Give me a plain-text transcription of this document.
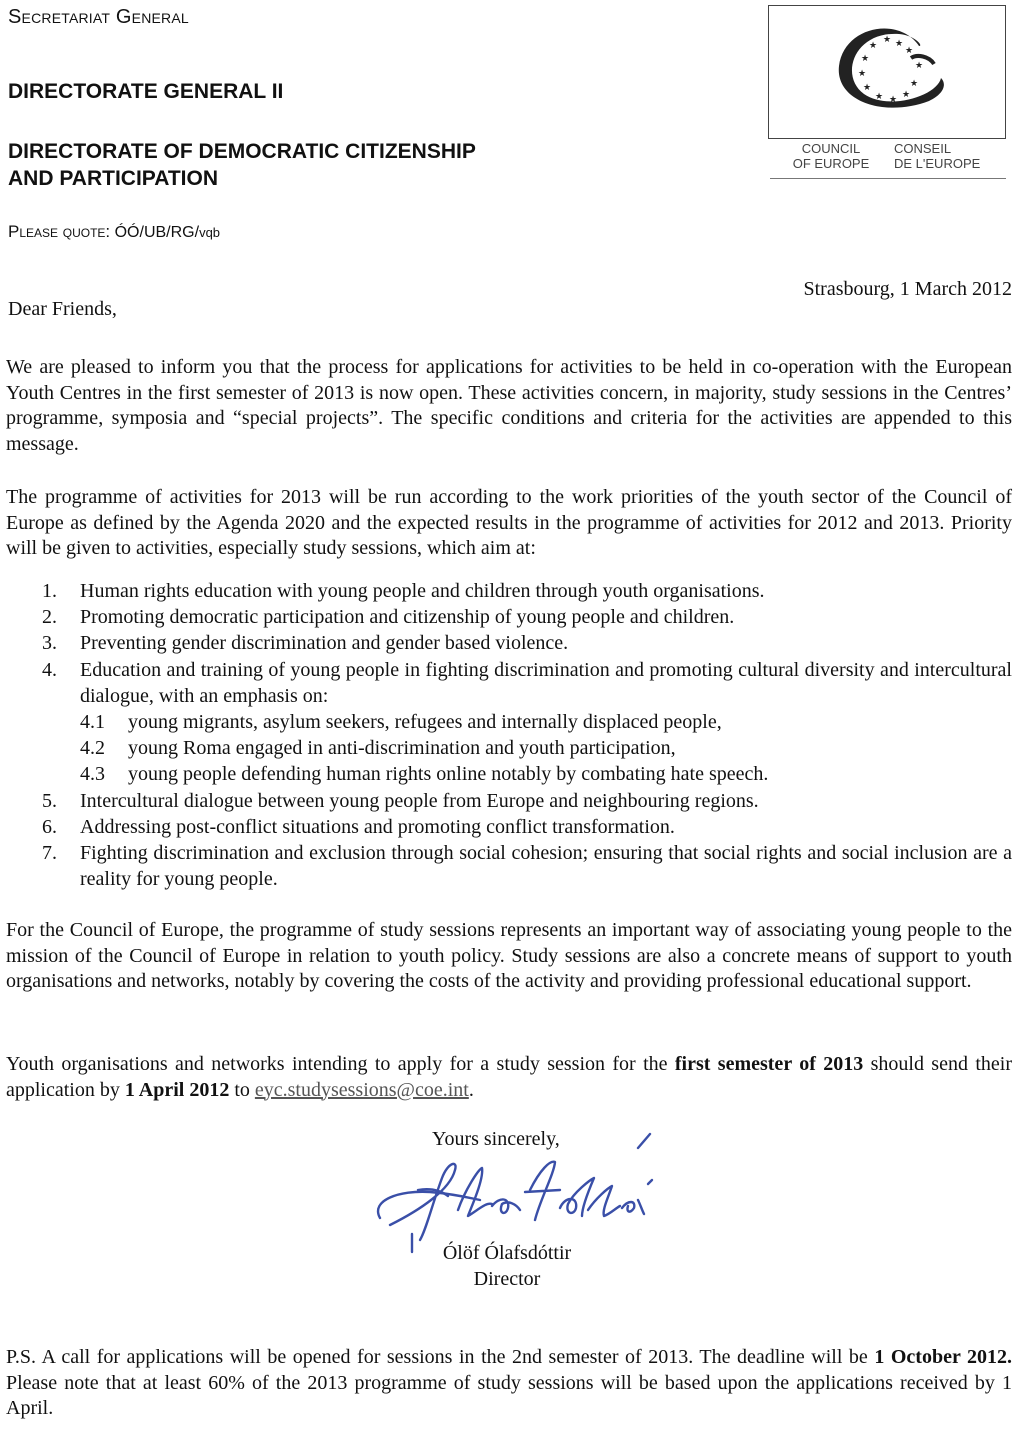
Secretariat General
DIRECTORATE GENERAL II
DIRECTORATE OF DEMOCRATIC CITIZENSHIP
AND PARTICIPATION
Please quote: ÓÓ/UB/RG/vqb
★ ★
★
★
★
★
★ ★ ★
★
★
★
COUNCIL
OF EUROPE
CONSEIL
DE L'EUROPE
Strasbourg, 1 March 2012
Dear Friends,
We are pleased to inform you that the process for applications for activities to be held in co-operation with the European Youth Centres in the first semester of 2013 is now open. These activities concern, in majority, study sessions in the Centres’ programme, symposia and “special projects”. The specific conditions and criteria for the activities are appended to this message.
The programme of activities for 2013 will be run according to the work priorities of the youth sector of the Council of Europe as defined by the Agenda 2020 and the expected results in the programme of activities for 2012 and 2013. Priority will be given to activities, especially study sessions, which aim at:
1. Human rights education with young people and children through youth organisations.
2. Promoting democratic participation and citizenship of young people and children.
3. Preventing gender discrimination and gender based violence.
4. Education and training of young people in fighting discrimination and promoting cultural diversity and intercultural dialogue, with an emphasis on:
4.1 young migrants, asylum seekers, refugees and internally displaced people,
4.2 young Roma engaged in anti-discrimination and youth participation,
4.3 young people defending human rights online notably by combating hate speech.
5. Intercultural dialogue between young people from Europe and neighbouring regions.
6. Addressing post-conflict situations and promoting conflict transformation.
7. Fighting discrimination and exclusion through social cohesion; ensuring that social rights and social inclusion are a reality for young people.
For the Council of Europe, the programme of study sessions represents an important way of associating young people to the mission of the Council of Europe in relation to youth policy. Study sessions are also a concrete means of support to youth organisations and networks, notably by covering the costs of the activity and providing professional educational support.
Youth organisations and networks intending to apply for a study session for the first semester of 2013 should send their application by 1 April 2012 to eyc.studysessions@coe.int.
Yours sincerely,
Ólöf Ólafsdóttir
Director
P.S. A call for applications will be opened for sessions in the 2nd semester of 2013. The deadline will be 1 October 2012. Please note that at least 60% of the 2013 programme of study sessions will be based upon the applications received by 1 April.
